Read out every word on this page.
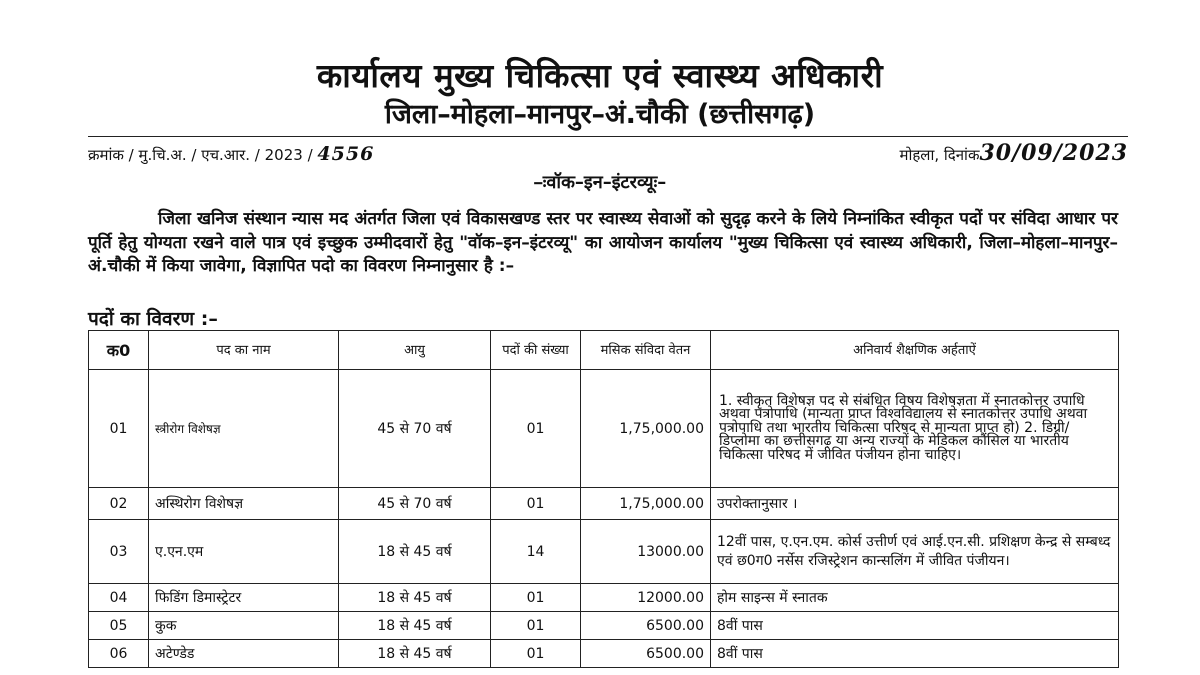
कार्यालय मुख्य चिकित्सा एवं स्वास्थ्य अधिकारी
जिला–मोहला–मानपुर–अं.चौकी (छत्तीसगढ़)
क्रमांक / मु.चि.अ. / एच.आर. / 2023 / 4556	मोहला, दिनांक30/09/2023
–ःवॉक–इन–इंटरव्यूः–
जिला खनिज संस्थान न्यास मद अंतर्गत जिला एवं विकासखण्ड स्तर पर स्वास्थ्य सेवाओं को सुदृढ़ करने के लिये निम्नांकित स्वीकृत पदों पर संविदा आधार पर पूर्ति हेतु योग्यता रखने वाले पात्र एवं इच्छुक उम्मीदवारों हेतु "वॉक–इन–इंटरव्यू" का आयोजन कार्यालय "मुख्य चिकित्सा एवं स्वास्थ्य अधिकारी, जिला–मोहला–मानपुर–अं.चौकी में किया जावेगा, विज्ञापित पदो का विवरण निम्नानुसार है :–
पदों का विवरण :–
क0	पद का नाम	आयु	पदों की संख्या	मसिक संविदा वेतन	अनिवार्य शैक्षणिक अर्हताऐं
01	स्त्रीरोग विशेषज्ञ	45 से 70 वर्ष	01	1,75,000.00	1. स्वीकृत विशेषज्ञ पद से संबंधित विषय विशेषज्ञता में स्नातकोत्तर उपाधि अथवा पत्रोपाधि (मान्यता प्राप्त विश्वविद्यालय से स्नातकोत्तर उपाधि अथवा पत्रोपाधि तथा भारतीय चिकित्सा परिषद से मान्यता प्राप्त हो) 2. डिग्री/डिप्लोमा का छत्तीसगढ़ या अन्य राज्यों के मेडिकल कौंसिल या भारतीय चिकित्सा परिषद में जीवित पंजीयन होना चाहिए।
02	अस्थिरोग विशेषज्ञ	45 से 70 वर्ष	01	1,75,000.00	उपरोक्तानुसार ।
03	ए.एन.एम	18 से 45 वर्ष	14	13000.00	12वीं पास, ए.एन.एम. कोर्स उत्तीर्ण एवं आई.एन.सी. प्रशिक्षण केन्द्र से सम्बध्द एवं छ0ग0 नर्सेस रजिस्ट्रेशन कान्सलिंग में जीवित पंजीयन।
04	फिडिंग डिमास्ट्रेटर	18 से 45 वर्ष	01	12000.00	होम साइन्स में स्नातक
05	कुक	18 से 45 वर्ष	01	6500.00	8वीं पास
06	अटेण्डेड	18 से 45 वर्ष	01	6500.00	8वीं पास
